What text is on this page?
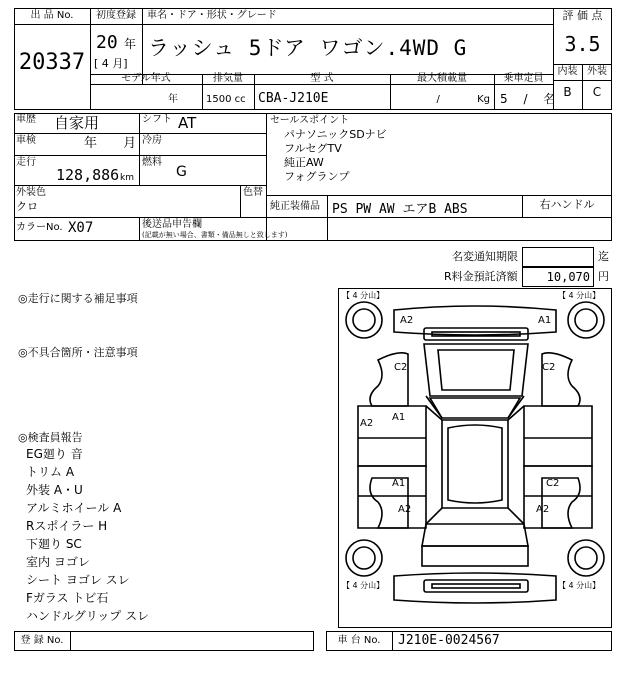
出 品 No.
20337
初度登録
20 年
[ 4 月]
車名・ドア・形状・グレード
ラッシュ 5ドア ワゴン.4WD G
評 価 点
3.5
内装 外装
B	C
モデル年式
年
排気量
1500 cc
型 式
CBA-J210E
最大積載量
/ Kg
乗車定員
5 / 名
車歴 自家用	シフト AT
車検	年 月 冷房
走行
128,886 km
燃料
G
外装色
クロ
色替
セールスポイント
パナソニックSDナビ
フルセグTV
純正AW
フォグランプ
純正装備品 PS PW AW エアB ABS	右ハンドル
カラーNo. X07	後送品申告欄
(記載が無い場合、書類・備品無しと致します)
名変通知期限	迄
R料金預託済額	10,070 円
◎走行に関する補足事項
◎不具合箇所・注意事項
◎検査員報告
EG廻り 音
トリム A
外装 A・U
アルミホイール A
Rスポイラー H
下廻り SC
室内 ヨゴレ
シート ヨゴレ スレ
Fガラス トビ石
ハンドルグリップ スレ
【 4 分山】	【 4 分山】
【 4 分山】	【 4 分山】
A2	A1
C2	C2
A2
A1
A1	C2
A2	A2
登 録 No.	車 台 No.	J210E-0024567
